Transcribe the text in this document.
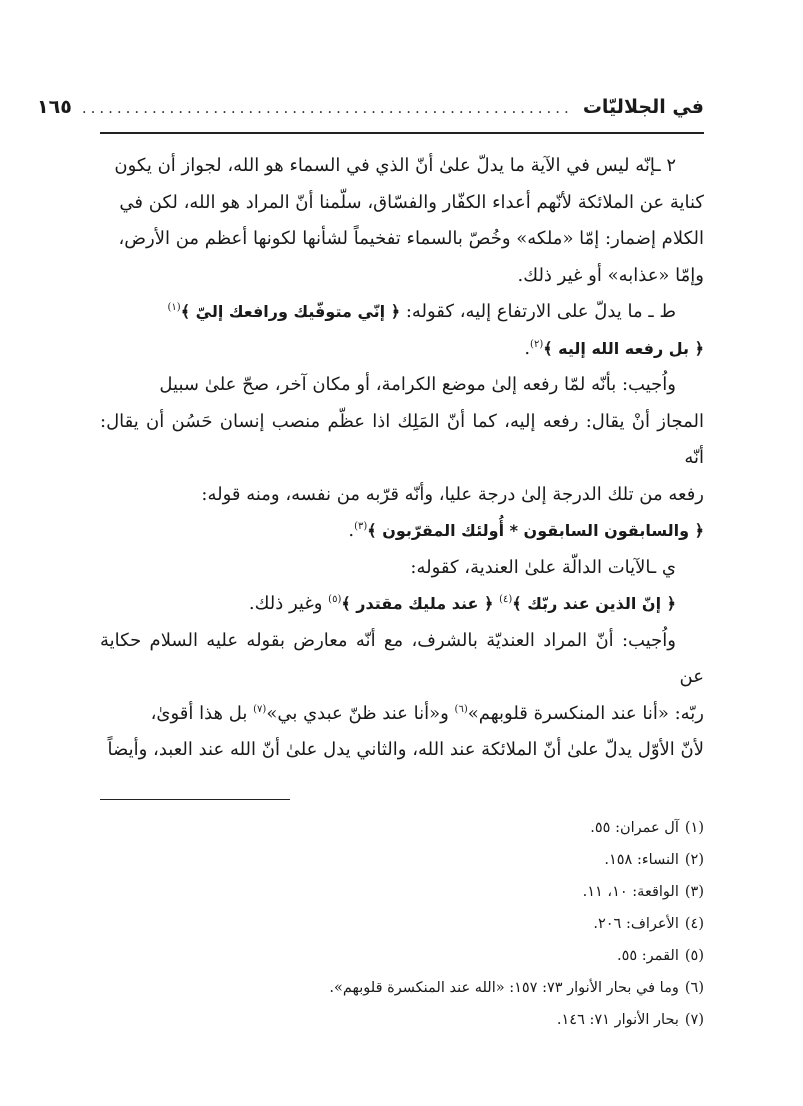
في الجلاليّات
........................................................
١٦٥

٢ ـإنّه ليس في الآية ما يدلّ علىٰ أنّ الذي في السماء هو الله، لجواز أن يكون

كناية عن الملائكة لأنّهم أعداء الكفّار والفسّاق، سلّمنا أنّ المراد هو الله، لكن في

الكلام إضمار: إمّا «ملكه» وخُصّ بالسماء تفخيماً لشأنها لكونها أعظم من الأرض،

وإمّا «عذابه» أو غير ذلك.

ط ـ ما يدلّ على الارتفاع إليه، كقوله: ﴿ إنّي متوفّيك ورافعك إليّ ﴾$^{(١)}$

﴿ بل رفعه الله إليه ﴾$^{(٢)}$.

واُجيب: بأنّه لمّا رفعه إلىٰ موضع الكرامة، أو مكان آخر، صحّ علىٰ سبيل

المجاز أنْ يقال: رفعه إليه، كما أنّ المَلِك اذا عظّم منصب إنسان حَسُن أن يقال: أنّه

رفعه من تلك الدرجة إلىٰ درجة عليا، وأنّه قرّبه من نفسه، ومنه قوله:

﴿ والسابقون السابقون * أُولئك المقرّبون ﴾$^{(٣)}$.

ي ـالآيات الدالّة علىٰ العندية، كقوله:

﴿ إنّ الذين عند ربّك ﴾$^{(٤)}$ ﴿ عند مليك مقتدر ﴾$^{(٥)}$ وغير ذلك.

واُجيب: أنّ المراد العنديّة بالشرف، مع أنّه معارض بقوله عليه السلام حكاية عن

ربّه: «أنا عند المنكسرة قلوبهم»$^{(٦)}$ و«أنا عند ظنّ عبدي بي»$^{(٧)}$ بل هذا أقوىٰ،

لأنّ الأوّل يدلّ علىٰ أنّ الملائكة عند الله، والثاني يدل علىٰ أنّ الله عند العبد، وأيضاً

(١)آل عمران: ٥٥.
(٢)النساء: ١٥٨.
(٣)الواقعة: ١٠، ١١.
(٤)الأعراف: ٢٠٦.
(٥)القمر: ٥٥.
(٦)وما في بحار الأنوار ٧٣: ١٥٧: «الله عند المنكسرة قلوبهم».
(٧)بحار الأنوار ٧١: ١٤٦.
